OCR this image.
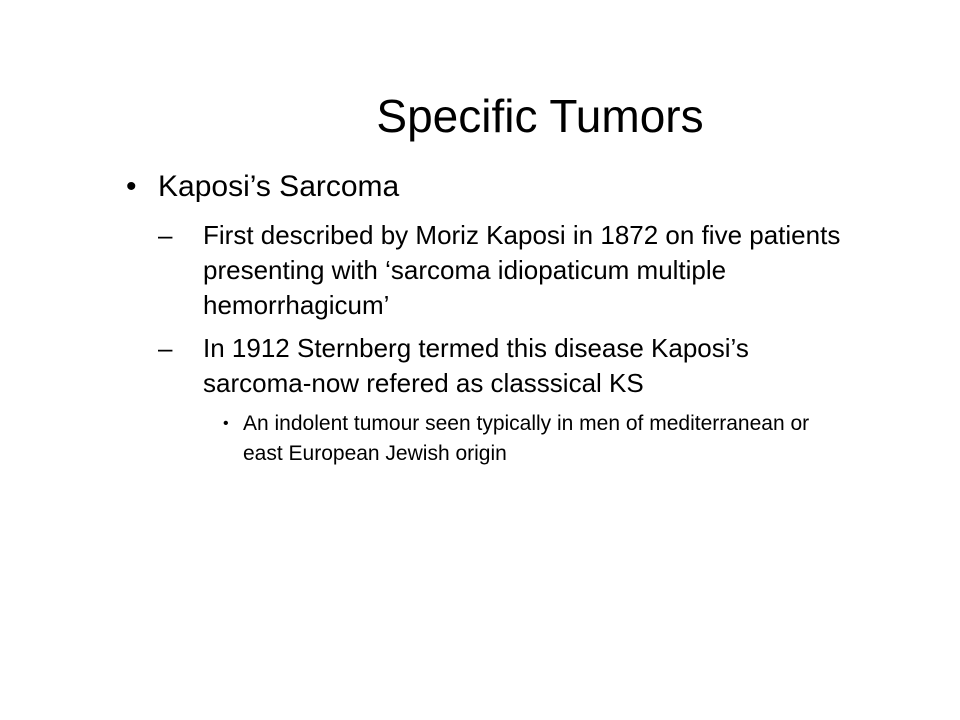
Specific Tumors
• Kaposi’s Sarcoma
– First described by Moriz Kaposi in 1872 on five patients presenting with ‘sarcoma idiopaticum multiple hemorrhagicum’
– In 1912 Sternberg termed this disease Kaposi’s sarcoma-now refered as classsical KS
• An indolent tumour seen typically in men of mediterranean or east European Jewish origin
